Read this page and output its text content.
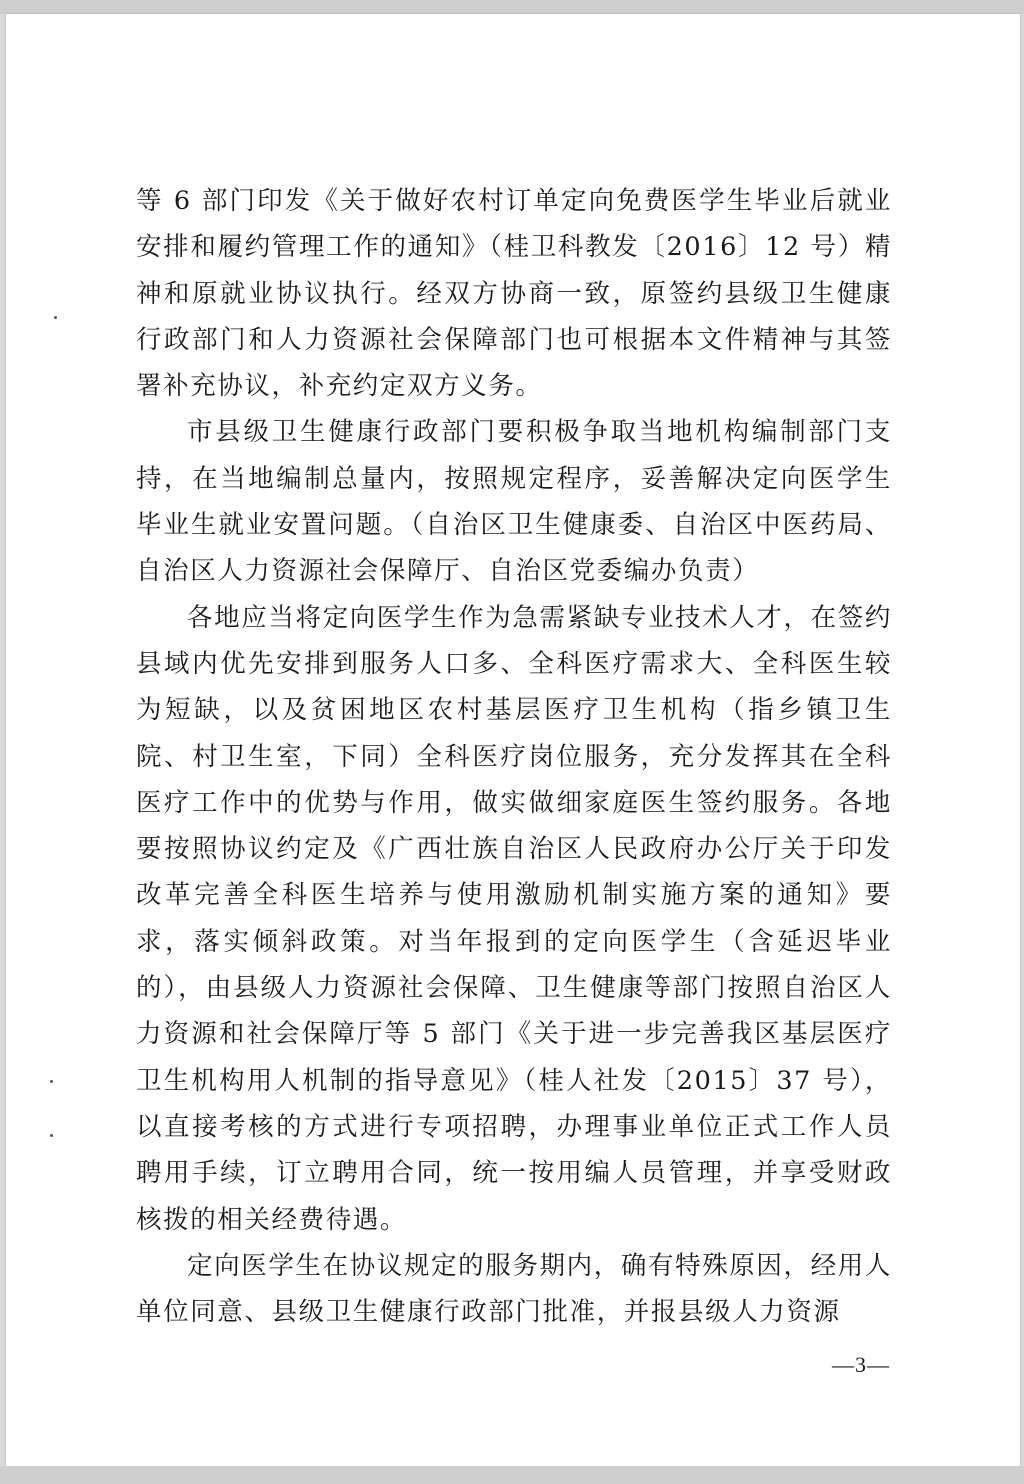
等 6 部门印发《关于做好农村订单定向免费医学生毕业后就业安排和履约管理工作的通知》（桂卫科教发〔2016〕12 号）精神和原就业协议执行。经双方协商一致，原签约县级卫生健康行政部门和人力资源社会保障部门也可根据本文件精神与其签署补充协议，补充约定双方义务。

市县级卫生健康行政部门要积极争取当地机构编制部门支持，在当地编制总量内，按照规定程序，妥善解决定向医学生毕业生就业安置问题。（自治区卫生健康委、自治区中医药局、自治区人力资源社会保障厅、自治区党委编办负责）

各地应当将定向医学生作为急需紧缺专业技术人才，在签约县域内优先安排到服务人口多、全科医疗需求大、全科医生较为短缺，以及贫困地区农村基层医疗卫生机构（指乡镇卫生院、村卫生室，下同）全科医疗岗位服务，充分发挥其在全科医疗工作中的优势与作用，做实做细家庭医生签约服务。各地要按照协议约定及《广西壮族自治区人民政府办公厅关于印发改革完善全科医生培养与使用激励机制实施方案的通知》要求，落实倾斜政策。对当年报到的定向医学生（含延迟毕业的），由县级人力资源社会保障、卫生健康等部门按照自治区人力资源和社会保障厅等 5 部门《关于进一步完善我区基层医疗卫生机构用人机制的指导意见》（桂人社发〔2015〕37 号），以直接考核的方式进行专项招聘，办理事业单位正式工作人员聘用手续，订立聘用合同，统一按用编人员管理，并享受财政核拨的相关经费待遇。

定向医学生在协议规定的服务期内，确有特殊原因，经用人单位同意、县级卫生健康行政部门批准，并报县级人力资源

—3—
